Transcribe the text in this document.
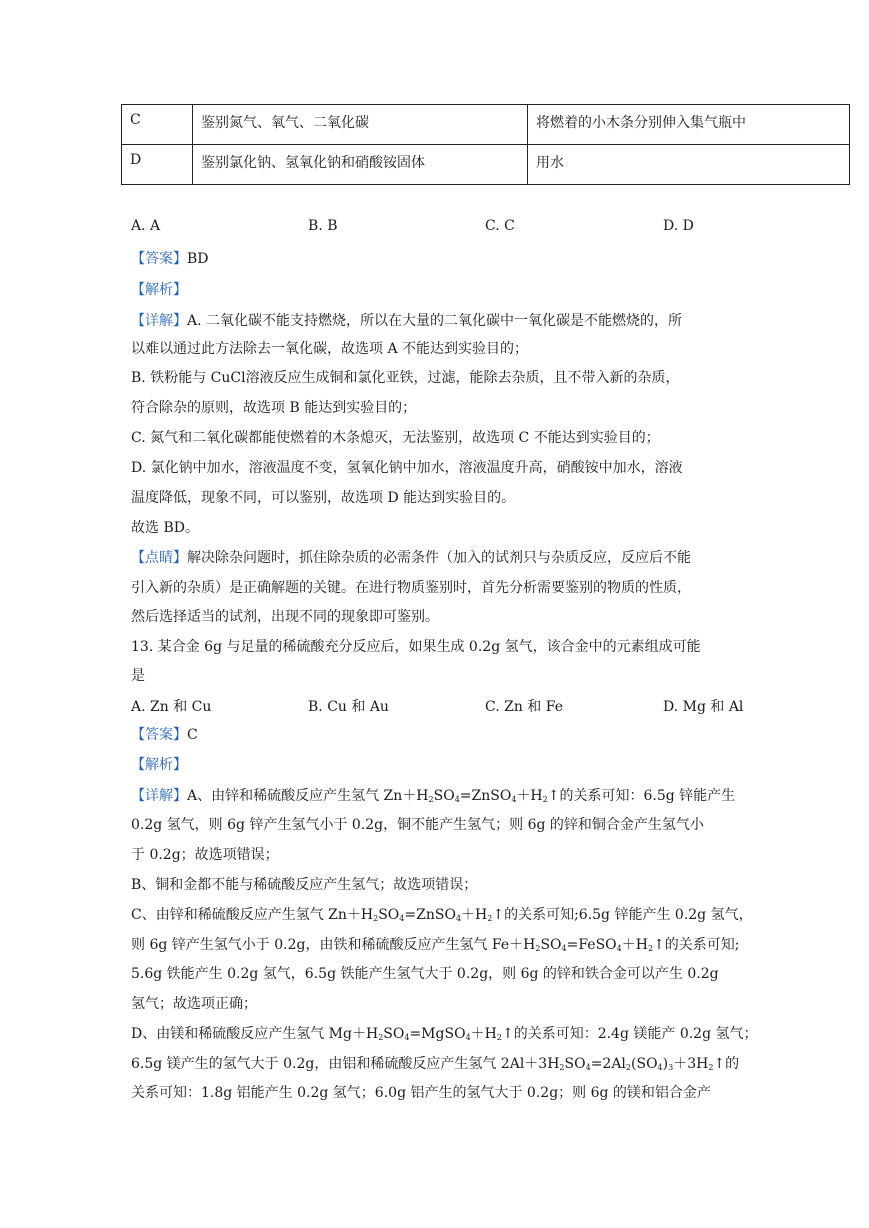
C	鉴别氮气、氧气、二氧化碳	将燃着的小木条分别伸入集气瓶中
D	鉴别氯化钠、氢氧化钠和硝酸铵固体	用水
A. A	B. B	C. C	D. D
【答案】BD
【解析】
【详解】A. 二氧化碳不能支持燃烧，所以在大量的二氧化碳中一氧化碳是不能燃烧的，所
以难以通过此方法除去一氧化碳，故选项 A 不能达到实验目的；
B. 铁粉能与 CuCl溶液反应生成铜和氯化亚铁，过滤，能除去杂质，且不带入新的杂质，
符合除杂的原则，故选项 B 能达到实验目的；
C. 氮气和二氧化碳都能使燃着的木条熄灭，无法鉴别，故选项 C 不能达到实验目的；
D. 氯化钠中加水，溶液温度不变，氢氧化钠中加水，溶液温度升高，硝酸铵中加水，溶液
温度降低，现象不同，可以鉴别，故选项 D 能达到实验目的。
故选 BD。
【点睛】解决除杂问题时，抓住除杂质的必需条件（加入的试剂只与杂质反应，反应后不能
引入新的杂质）是正确解题的关键。在进行物质鉴别时，首先分析需要鉴别的物质的性质，
然后选择适当的试剂，出现不同的现象即可鉴别。
13. 某合金 6g 与足量的稀硫酸充分反应后，如果生成 0.2g 氢气，该合金中的元素组成可能
是
A. Zn 和 Cu	B. Cu 和 Au	C. Zn 和 Fe	D. Mg 和 Al
【答案】C
【解析】
【详解】A、由锌和稀硫酸反应产生氢气 $Zn+H_2SO_4=ZnSO_4+H_2↑$的关系可知：6.5g 锌能产生
0.2g 氢气，则 6g 锌产生氢气小于 0.2g，铜不能产生氢气；则 6g 的锌和铜合金产生氢气小
于 0.2g；故选项错误；
B、铜和金都不能与稀硫酸反应产生氢气；故选项错误；
C、由锌和稀硫酸反应产生氢气 $Zn+H_2SO_4=ZnSO_4+H_2↑$的关系可知;6.5g 锌能产生 0.2g 氢气，
则 6g 锌产生氢气小于 0.2g，由铁和稀硫酸反应产生氢气 $Fe+H_2SO_4=FeSO_4+H_2↑$的关系可知;
5.6g 铁能产生 0.2g 氢气，6.5g 铁能产生氢气大于 0.2g，则 6g 的锌和铁合金可以产生 0.2g
氢气；故选项正确；
D、由镁和稀硫酸反应产生氢气 $Mg+H_2SO_4=MgSO_4+H_2↑$的关系可知：2.4g 镁能产 0.2g 氢气；
6.5g 镁产生的氢气大于 0.2g，由铝和稀硫酸反应产生氢气 $2Al+3H_2SO_4=2Al_2(SO_4)_3+3H_2↑$的
关系可知：1.8g 铝能产生 0.2g 氢气；6.0g 铝产生的氢气大于 0.2g；则 6g 的镁和铝合金产
